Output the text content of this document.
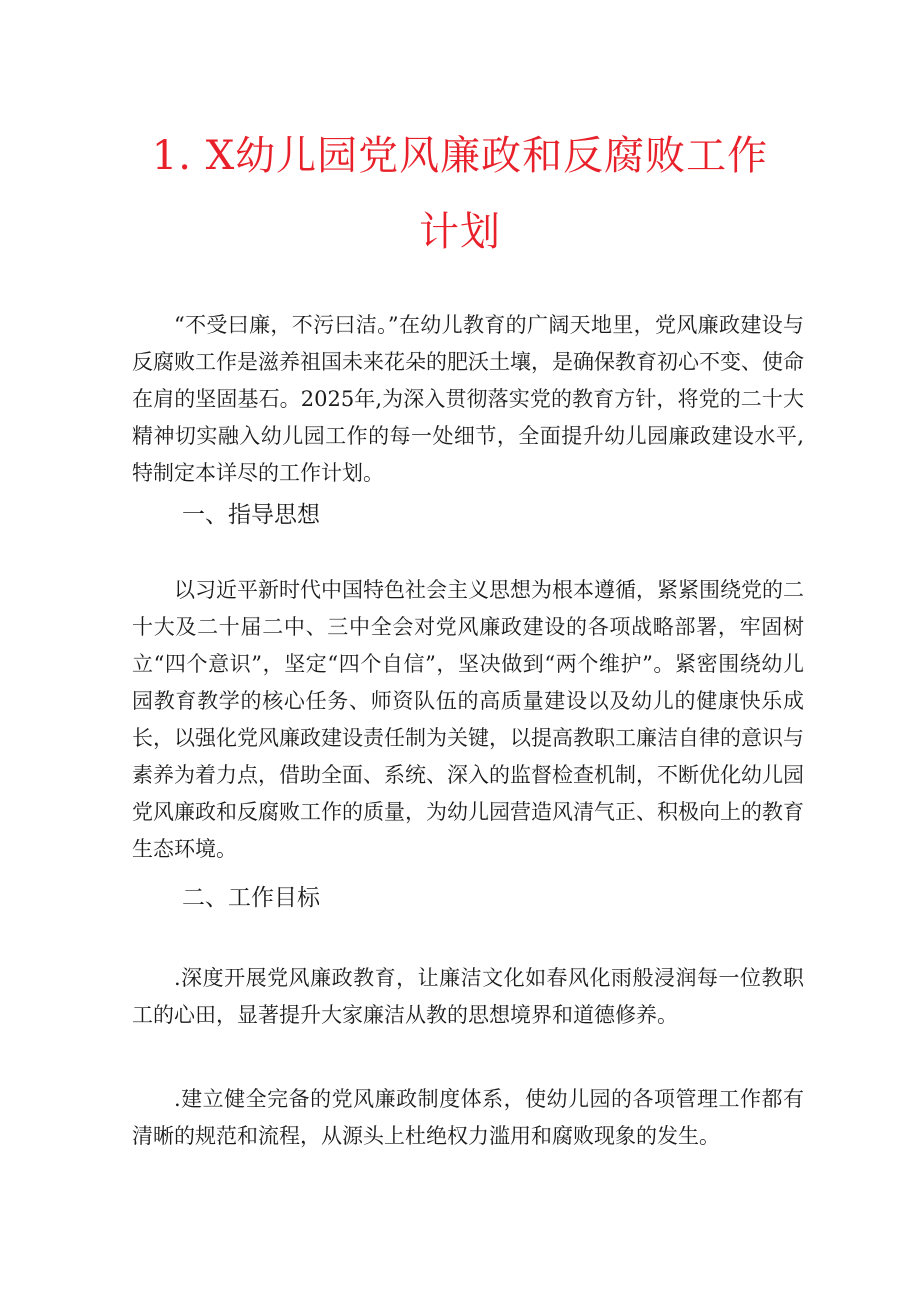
1. X幼儿园党风廉政和反腐败工作
计划

“不受曰廉，不污曰洁。”在幼儿教育的广阔天地里，党风廉政建设与反腐败工作是滋养祖国未来花朵的肥沃土壤，是确保教育初心不变、使命在肩的坚固基石。2025年,为深入贯彻落实党的教育方针，将党的二十大精神切实融入幼儿园工作的每一处细节，全面提升幼儿园廉政建设水平,特制定本详尽的工作计划。

一、指导思想

以习近平新时代中国特色社会主义思想为根本遵循，紧紧围绕党的二十大及二十届二中、三中全会对党风廉政建设的各项战略部署，牢固树立“四个意识”，坚定“四个自信”，坚决做到“两个维护”。紧密围绕幼儿园教育教学的核心任务、师资队伍的高质量建设以及幼儿的健康快乐成长，以强化党风廉政建设责任制为关键，以提高教职工廉洁自律的意识与素养为着力点，借助全面、系统、深入的监督检查机制，不断优化幼儿园党风廉政和反腐败工作的质量，为幼儿园营造风清气正、积极向上的教育生态环境。

二、工作目标

.深度开展党风廉政教育，让廉洁文化如春风化雨般浸润每一位教职工的心田，显著提升大家廉洁从教的思想境界和道德修养。

.建立健全完备的党风廉政制度体系，使幼儿园的各项管理工作都有清晰的规范和流程，从源头上杜绝权力滥用和腐败现象的发生。
